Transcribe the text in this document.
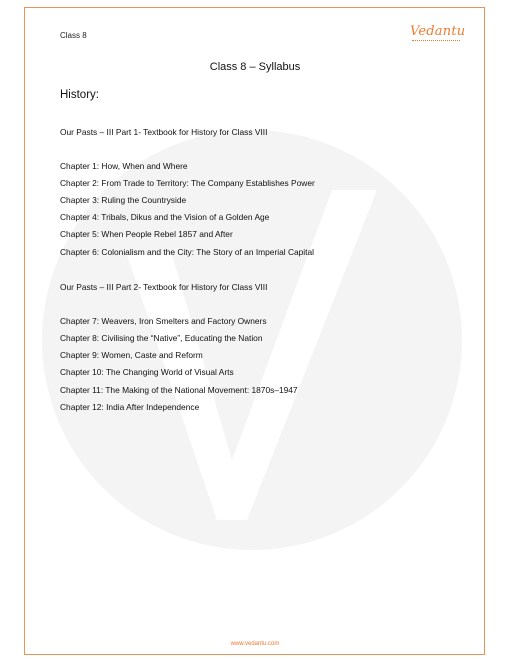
Class 8	Vedantu
Class 8 – Syllabus
History:
Our Pasts – III Part 1- Textbook for History for Class VIII
Chapter 1: How, When and Where
Chapter 2: From Trade to Territory: The Company Establishes Power
Chapter 3: Ruling the Countryside
Chapter 4: Tribals, Dikus and the Vision of a Golden Age
Chapter 5: When People Rebel 1857 and After
Chapter 6: Colonialism and the City: The Story of an Imperial Capital
Our Pasts – III Part 2- Textbook for History for Class VIII
Chapter 7: Weavers, Iron Smelters and Factory Owners
Chapter 8: Civilising the “Native”, Educating the Nation
Chapter 9: Women, Caste and Reform
Chapter 10: The Changing World of Visual Arts
Chapter 11: The Making of the National Movement: 1870s–1947
Chapter 12: India After Independence
www.vedantu.com
